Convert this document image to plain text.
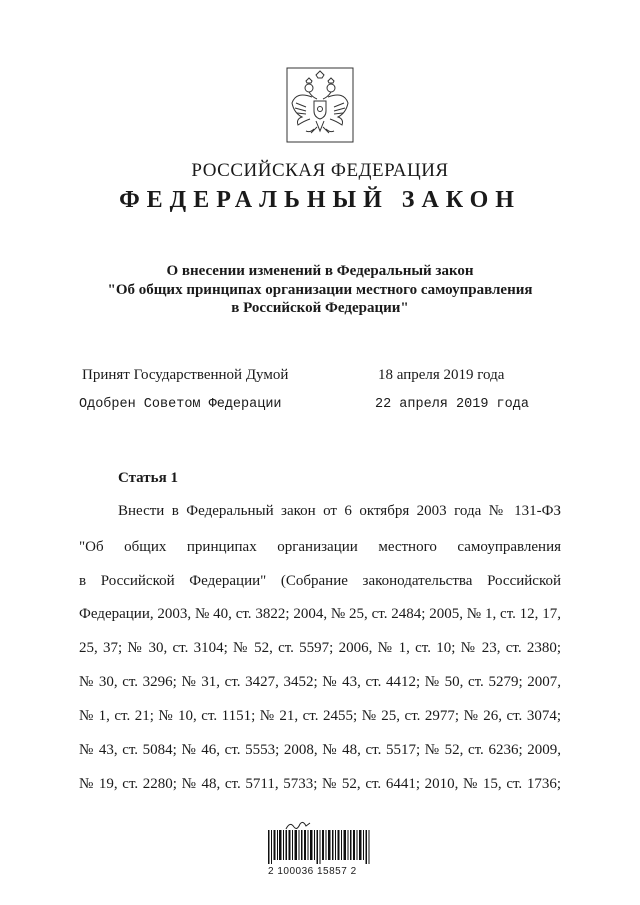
РОССИЙСКАЯ ФЕДЕРАЦИЯ
ФЕДЕРАЛЬНЫЙ ЗАКОН
О внесении изменений в Федеральный закон
"Об общих принципах организации местного самоуправления
в Российской Федерации"
Принят Государственной Думой	18 апреля 2019 года
Одобрен Советом Федерации	22 апреля 2019 года
Статья 1
Внести в Федеральный закон от 6 октября 2003 года № 131-ФЗ
"Об общих принципах организации местного самоуправления
в Российской Федерации" (Собрание законодательства Российской
Федерации, 2003, № 40, ст. 3822; 2004, № 25, ст. 2484; 2005, № 1, ст. 12, 17,
25, 37; № 30, ст. 3104; № 52, ст. 5597; 2006, № 1, ст. 10; № 23, ст. 2380;
№ 30, ст. 3296; № 31, ст. 3427, 3452; № 43, ст. 4412; № 50, ст. 5279; 2007,
№ 1, ст. 21; № 10, ст. 1151; № 21, ст. 2455; № 25, ст. 2977; № 26, ст. 3074;
№ 43, ст. 5084; № 46, ст. 5553; 2008, № 48, ст. 5517; № 52, ст. 6236; 2009,
№ 19, ст. 2280; № 48, ст. 5711, 5733; № 52, ст. 6441; 2010, № 15, ст. 1736;
2 100036 15857 2
